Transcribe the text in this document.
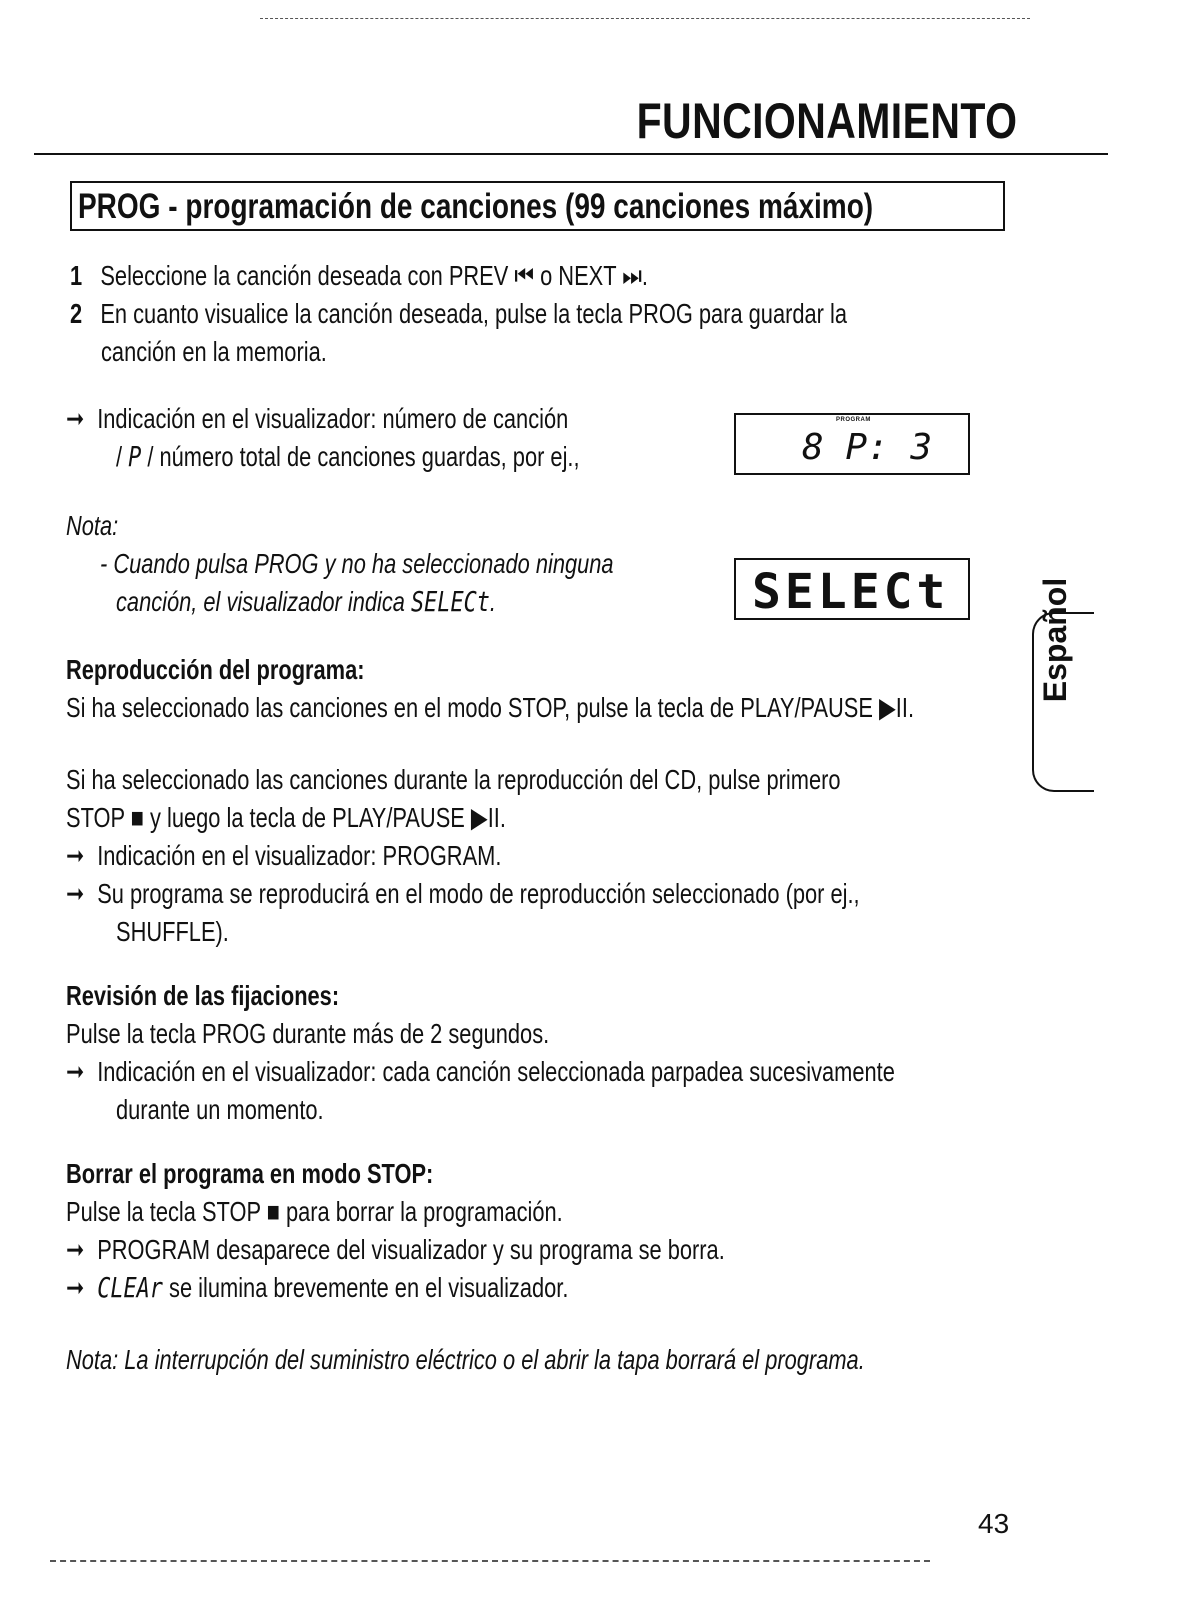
FUNCIONAMIENTO
PROG - programación de canciones (99 canciones máximo)
1 Seleccione la canción deseada con PREV ⏮ o NEXT ⏭.
2 En cuanto visualice la canción deseada, pulse la tecla PROG para guardar la
canción en la memoria.
➞ Indicación en el visualizador: número de canción
/ P / número total de canciones guardas, por ej.,
PROGRAM
8 P: 3
Nota:
- Cuando pulsa PROG y no ha seleccionado ninguna
canción, el visualizador indica SELECt.	SELECt	Español
Reproducción del programa:
Si ha seleccionado las canciones en el modo STOP, pulse la tecla de PLAY/PAUSE ▶II.
Si ha seleccionado las canciones durante la reproducción del CD, pulse primero
STOP ■ y luego la tecla de PLAY/PAUSE ▶II.
➞ Indicación en el visualizador: PROGRAM.
➞ Su programa se reproducirá en el modo de reproducción seleccionado (por ej.,
SHUFFLE).
Revisión de las fijaciones:
Pulse la tecla PROG durante más de 2 segundos.
➞ Indicación en el visualizador: cada canción seleccionada parpadea sucesivamente
durante un momento.
Borrar el programa en modo STOP:
Pulse la tecla STOP ■ para borrar la programación.
➞ PROGRAM desaparece del visualizador y su programa se borra.
➞ CLEAr se ilumina brevemente en el visualizador.
Nota: La interrupción del suministro eléctrico o el abrir la tapa borrará el programa.
43
